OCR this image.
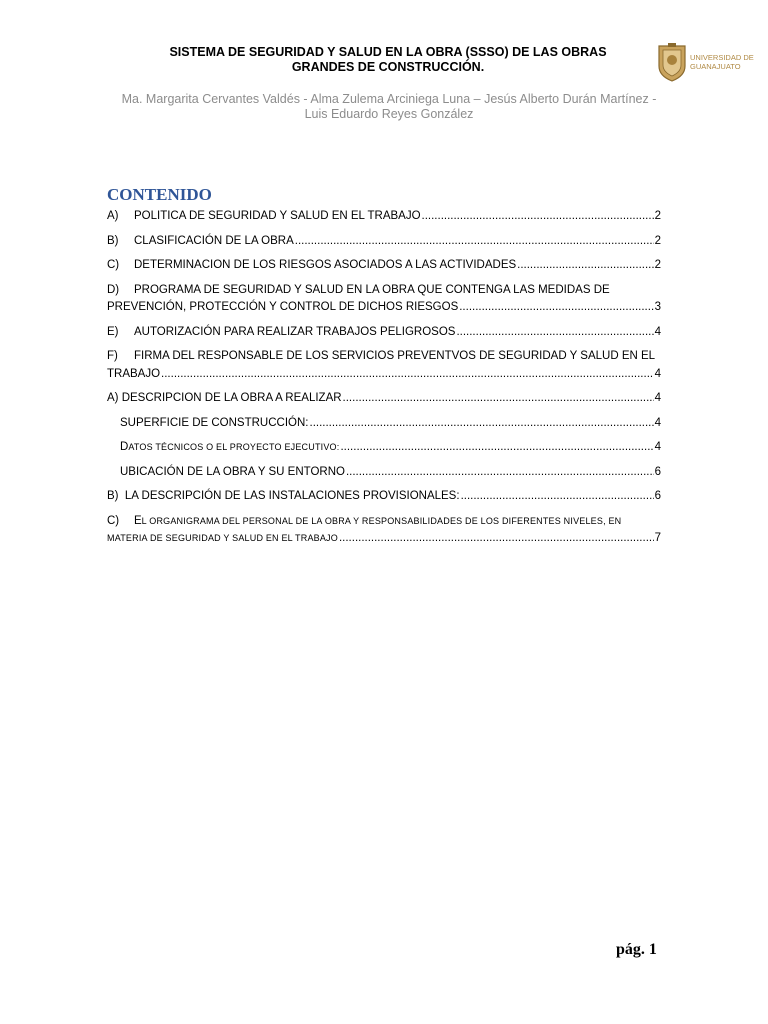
SISTEMA DE SEGURIDAD Y SALUD EN LA OBRA (SSSO) DE LAS OBRAS
GRANDES DE CONSTRUCCIÓN.
UNIVERSIDAD DE
GUANAJUATO
Ma. Margarita Cervantes Valdés - Alma Zulema Arciniega Luna – Jesús Alberto Durán Martínez -
Luis Eduardo Reyes González
CONTENIDO
A)	POLITICA DE SEGURIDAD Y SALUD EN EL TRABAJO .....	2
B)	CLASIFICACIÓN DE LA OBRA .....	2
C)	DETERMINACION DE LOS RIESGOS ASOCIADOS A LAS ACTIVIDADES .....	2
D)	PROGRAMA DE SEGURIDAD Y SALUD EN LA OBRA QUE CONTENGA LAS MEDIDAS DE
PREVENCIÓN, PROTECCIÓN Y CONTROL DE DICHOS RIESGOS .....	3
E)	AUTORIZACIÓN PARA REALIZAR TRABAJOS PELIGROSOS .....	4
F)	FIRMA DEL RESPONSABLE DE LOS SERVICIOS PREVENTVOS DE SEGURIDAD Y SALUD EN EL
TRABAJO .....	4
A) DESCRIPCION DE LA OBRA A REALIZAR .....	4
SUPERFICIE DE CONSTRUCCIÓN: .....	4
DATOS TÉCNICOS O EL PROYECTO EJECUTIVO: .....	4
UBICACIÓN DE LA OBRA Y SU ENTORNO .....	6
B)  LA DESCRIPCIÓN DE LAS INSTALACIONES PROVISIONALES: .....	6
C)	EL ORGANIGRAMA DEL PERSONAL DE LA OBRA Y RESPONSABILIDADES DE LOS DIFERENTES NIVELES, EN
MATERIA DE SEGURIDAD Y SALUD EN EL TRABAJO .....	7
pág. 1
